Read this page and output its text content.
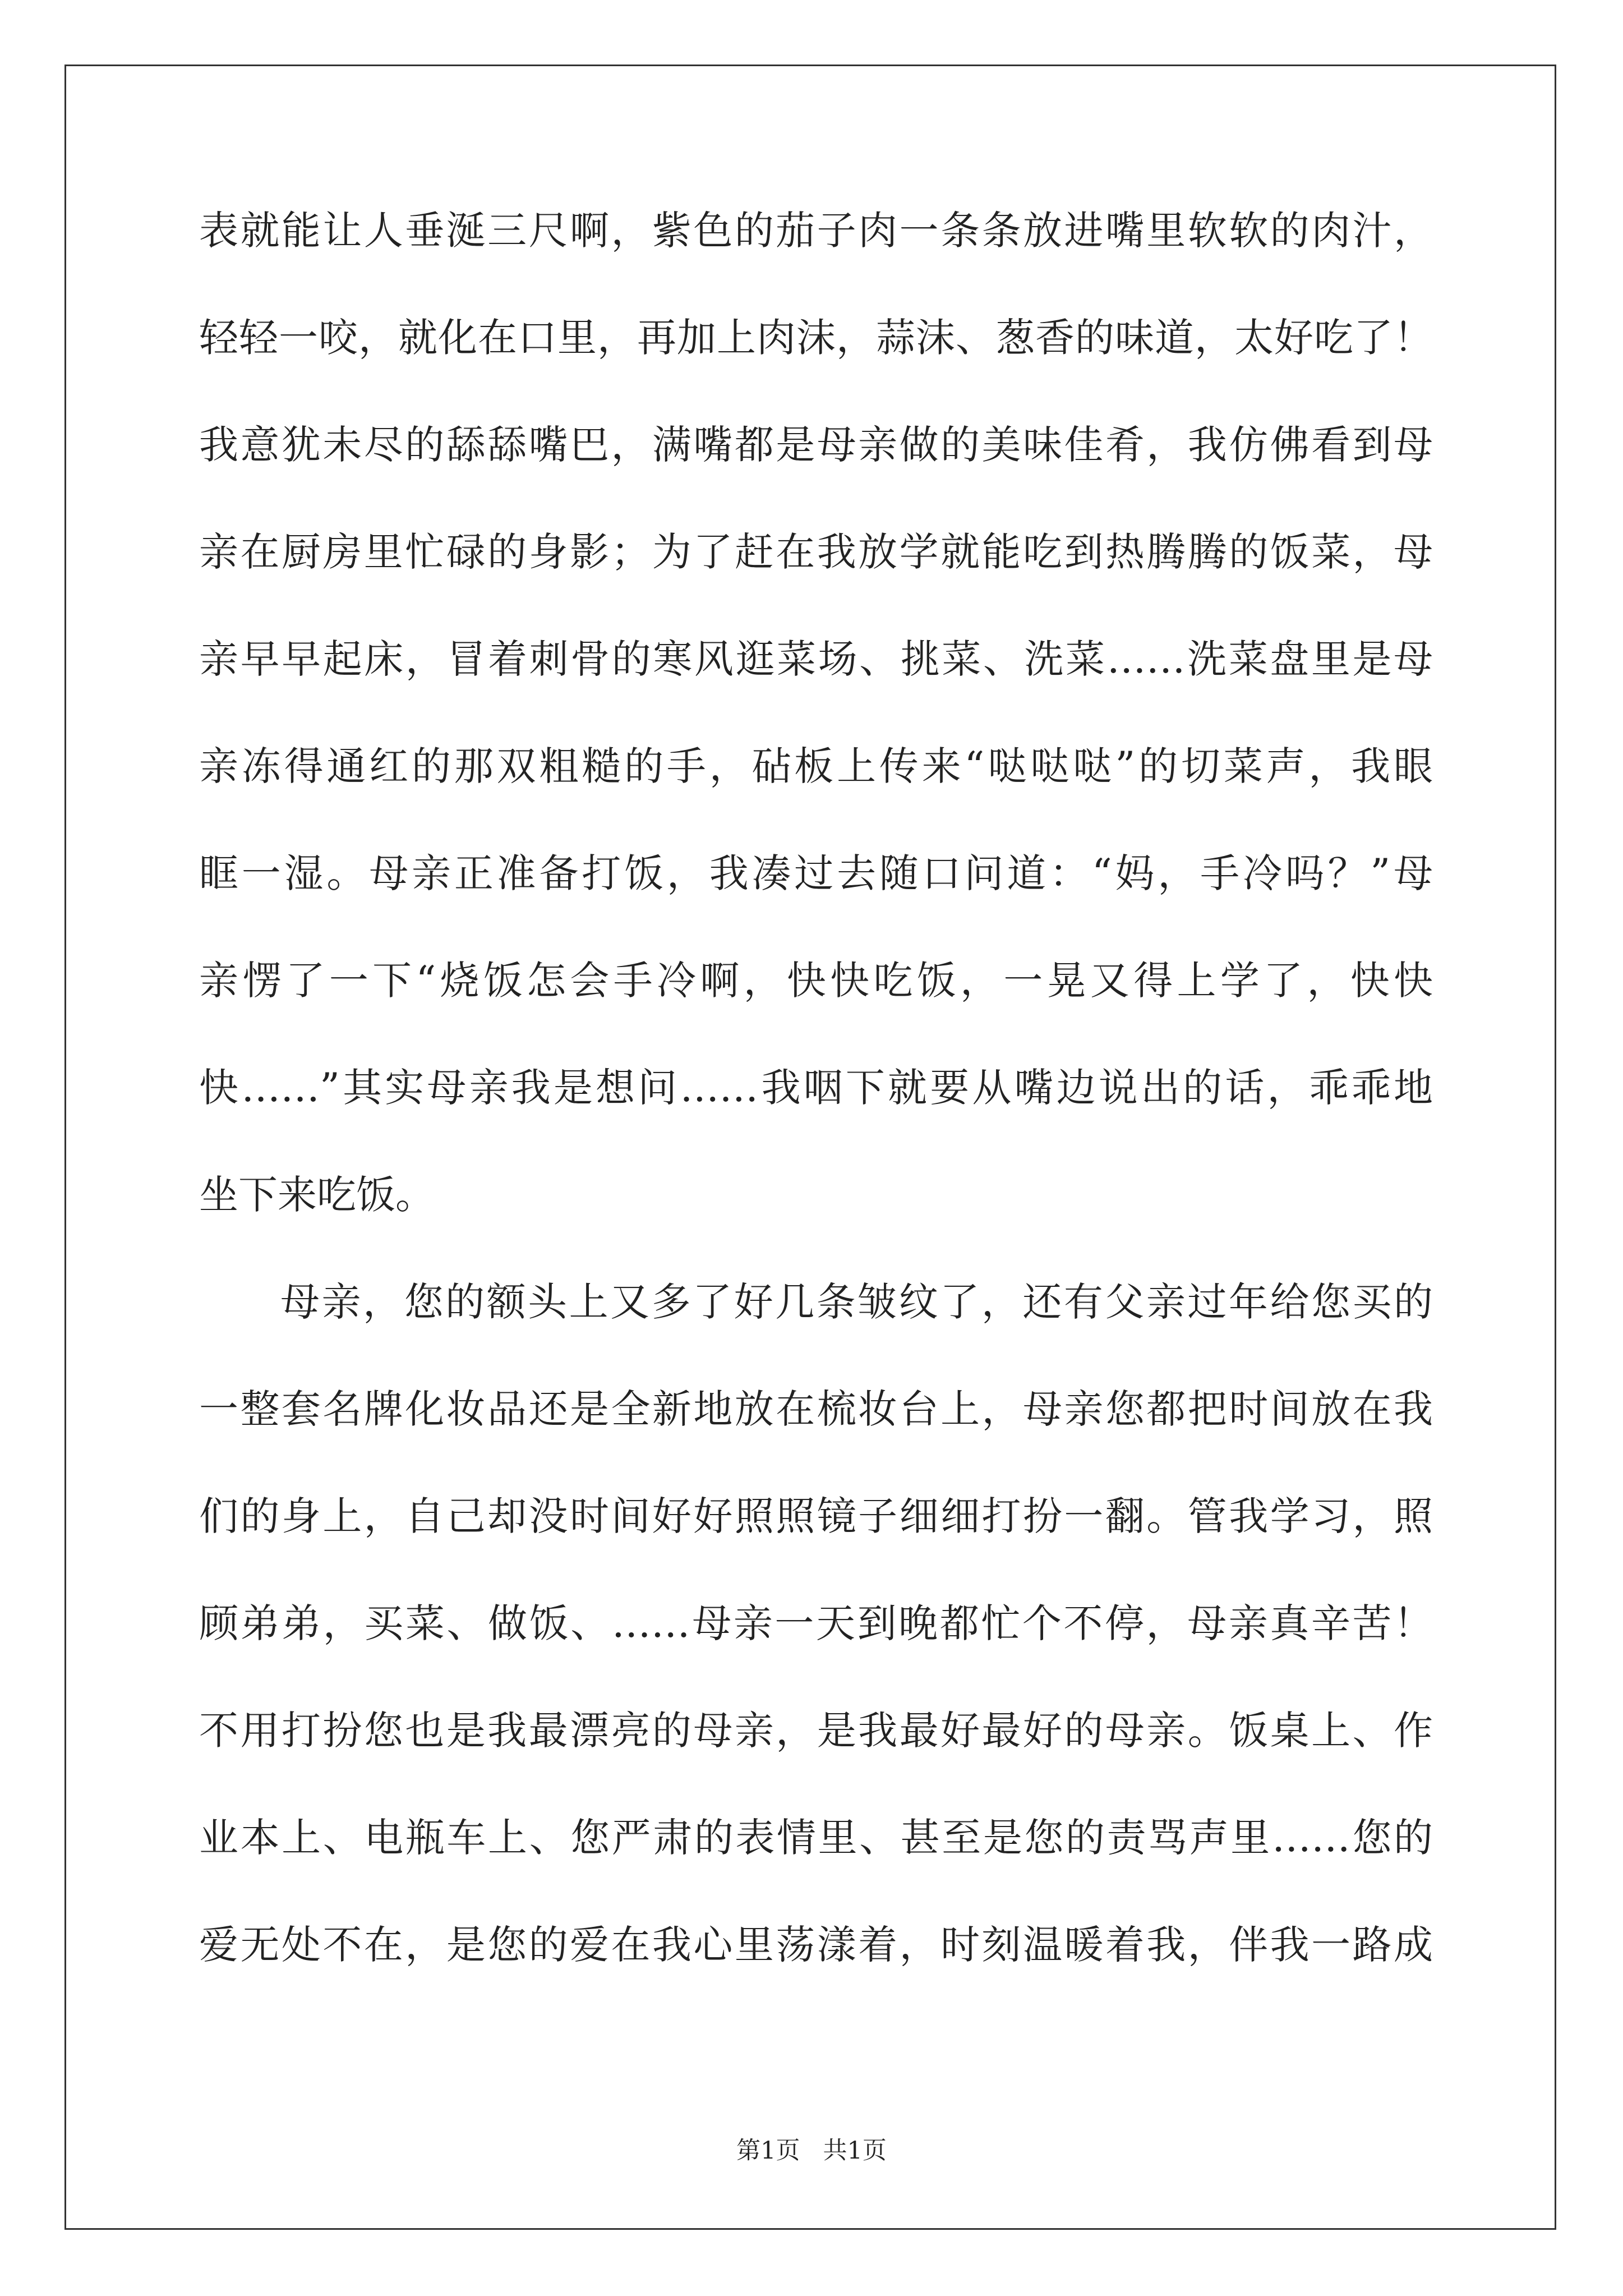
表就能让人垂涎三尺啊，紫色的茄子肉一条条放进嘴里软软的肉汁，
轻轻一咬，就化在口里，再加上肉沫，蒜沫、葱香的味道，太好吃了！
我意犹未尽的舔舔嘴巴，满嘴都是母亲做的美味佳肴，我仿佛看到母
亲在厨房里忙碌的身影；为了赶在我放学就能吃到热腾腾的饭菜，母
亲早早起床，冒着刺骨的寒风逛菜场、挑菜、洗菜……洗菜盘里是母
亲冻得通红的那双粗糙的手，砧板上传来“哒哒哒”的切菜声，我眼
眶一湿。母亲正准备打饭，我凑过去随口问道：“妈，手冷吗？”母
亲愣了一下“烧饭怎会手冷啊，快快吃饭，一晃又得上学了，快快
快……”其实母亲我是想问……我咽下就要从嘴边说出的话，乖乖地
坐下来吃饭。
母亲，您的额头上又多了好几条皱纹了，还有父亲过年给您买的
一整套名牌化妆品还是全新地放在梳妆台上，母亲您都把时间放在我
们的身上，自己却没时间好好照照镜子细细打扮一翻。管我学习，照
顾弟弟，买菜、做饭、……母亲一天到晚都忙个不停，母亲真辛苦！
不用打扮您也是我最漂亮的母亲，是我最好最好的母亲。饭桌上、作
业本上、电瓶车上、您严肃的表情里、甚至是您的责骂声里……您的
爱无处不在，是您的爱在我心里荡漾着，时刻温暖着我，伴我一路成
第1页   共1页
